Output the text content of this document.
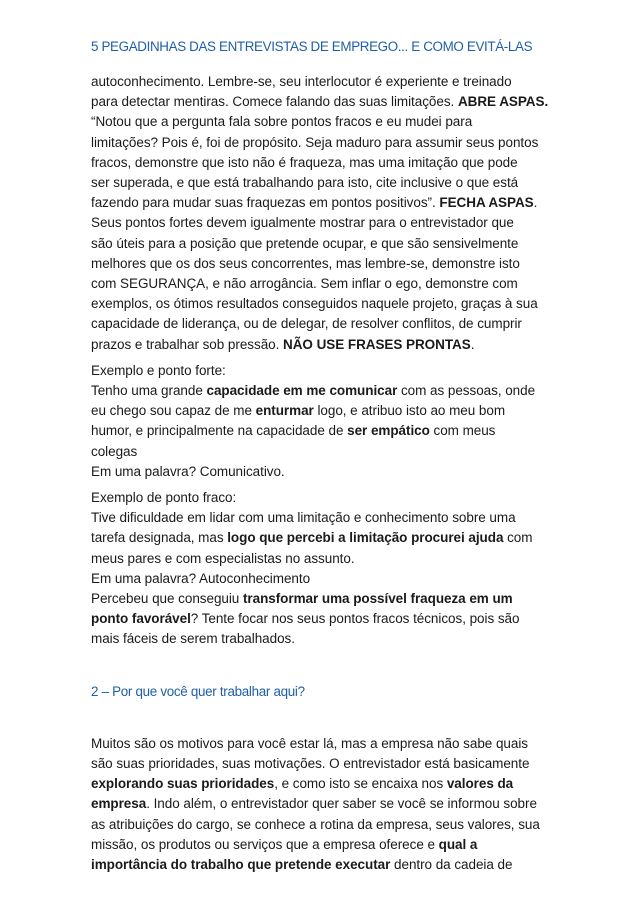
5 PEGADINHAS DAS ENTREVISTAS DE EMPREGO... E COMO EVITÁ-LAS
autoconhecimento. Lembre-se, seu interlocutor é experiente e treinado
para detectar mentiras. Comece falando das suas limitações. ABRE ASPAS.
“Notou que a pergunta fala sobre pontos fracos e eu mudei para
limitações? Pois é, foi de propósito. Seja maduro para assumir seus pontos
fracos, demonstre que isto não é fraqueza, mas uma imitação que pode
ser superada, e que está trabalhando para isto, cite inclusive o que está
fazendo para mudar suas fraquezas em pontos positivos”. FECHA ASPAS.
Seus pontos fortes devem igualmente mostrar para o entrevistador que
são úteis para a posição que pretende ocupar, e que são sensivelmente
melhores que os dos seus concorrentes, mas lembre-se, demonstre isto
com SEGURANÇA, e não arrogância. Sem inflar o ego, demonstre com
exemplos, os ótimos resultados conseguidos naquele projeto, graças à sua
capacidade de liderança, ou de delegar, de resolver conflitos, de cumprir
prazos e trabalhar sob pressão. NÃO USE FRASES PRONTAS.
Exemplo e ponto forte:
Tenho uma grande capacidade em me comunicar com as pessoas, onde
eu chego sou capaz de me enturmar logo, e atribuo isto ao meu bom
humor, e principalmente na capacidade de ser empático com meus
colegas
Em uma palavra? Comunicativo.
Exemplo de ponto fraco:
Tive dificuldade em lidar com uma limitação e conhecimento sobre uma
tarefa designada, mas logo que percebi a limitação procurei ajuda com
meus pares e com especialistas no assunto.
Em uma palavra? Autoconhecimento
Percebeu que conseguiu transformar uma possível fraqueza em um
ponto favorável? Tente focar nos seus pontos fracos técnicos, pois são
mais fáceis de serem trabalhados.
2 – Por que você quer trabalhar aqui?
Muitos são os motivos para você estar lá, mas a empresa não sabe quais
são suas prioridades, suas motivações. O entrevistador está basicamente
explorando suas prioridades, e como isto se encaixa nos valores da
empresa. Indo além, o entrevistador quer saber se você se informou sobre
as atribuições do cargo, se conhece a rotina da empresa, seus valores, sua
missão, os produtos ou serviços que a empresa oferece e qual a
importância do trabalho que pretende executar dentro da cadeia de
